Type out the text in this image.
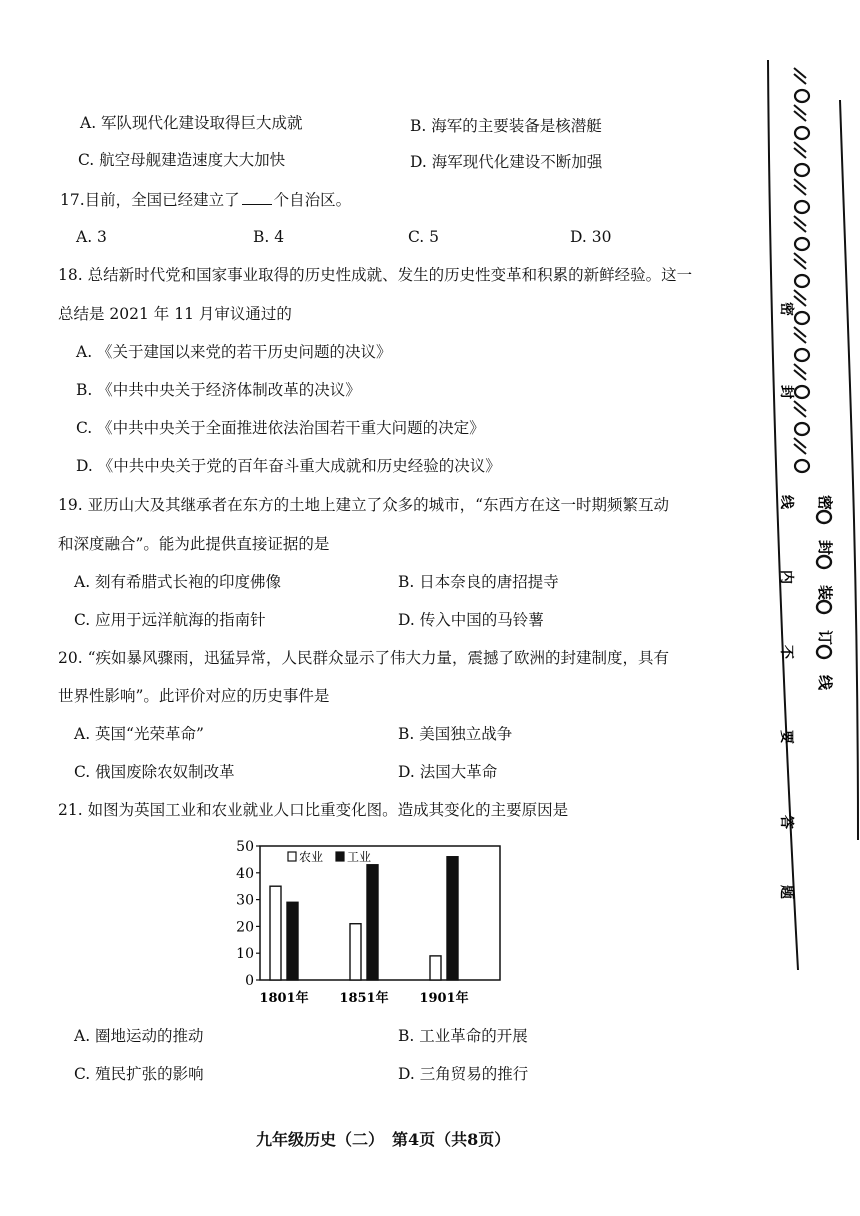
A. 军队现代化建设取得巨大成就	B. 海军的主要装备是核潜艇
C. 航空母舰建造速度大大加快	D. 海军现代化建设不断加强
17.目前，全国已经建立了 个自治区。
A. 3	B. 4	C. 5	D. 30
18. 总结新时代党和国家事业取得的历史性成就、发生的历史性变革和积累的新鲜经验。这一
总结是 2021 年 11 月审议通过的
A. 《关于建国以来党的若干历史问题的决议》
B. 《中共中央关于经济体制改革的决议》
C. 《中共中央关于全面推进依法治国若干重大问题的决定》
D. 《中共中央关于党的百年奋斗重大成就和历史经验的决议》
19. 亚历山大及其继承者在东方的土地上建立了众多的城市，“东西方在这一时期频繁互动
和深度融合”。能为此提供直接证据的是
A. 刻有希腊式长袍的印度佛像	B. 日本奈良的唐招提寺
C. 应用于远洋航海的指南针	D. 传入中国的马铃薯
20. “疾如暴风骤雨，迅猛异常，人民群众显示了伟大力量，震撼了欧洲的封建制度，具有
世界性影响”。此评价对应的历史事件是
A. 英国“光荣革命”	B. 美国独立战争
C. 俄国废除农奴制改革	D. 法国大革命
21. 如图为英国工业和农业就业人口比重变化图。造成其变化的主要原因是
0
10
20
30
40
50
1801年 1851年 1901年
农业 工业
A. 圈地运动的推动	B. 工业革命的开展
C. 殖民扩张的影响	D. 三角贸易的推行
九年级历史（二）　第4页（共8页）
密
封
线
内
不
要
答
题
密
封
装
订
线
